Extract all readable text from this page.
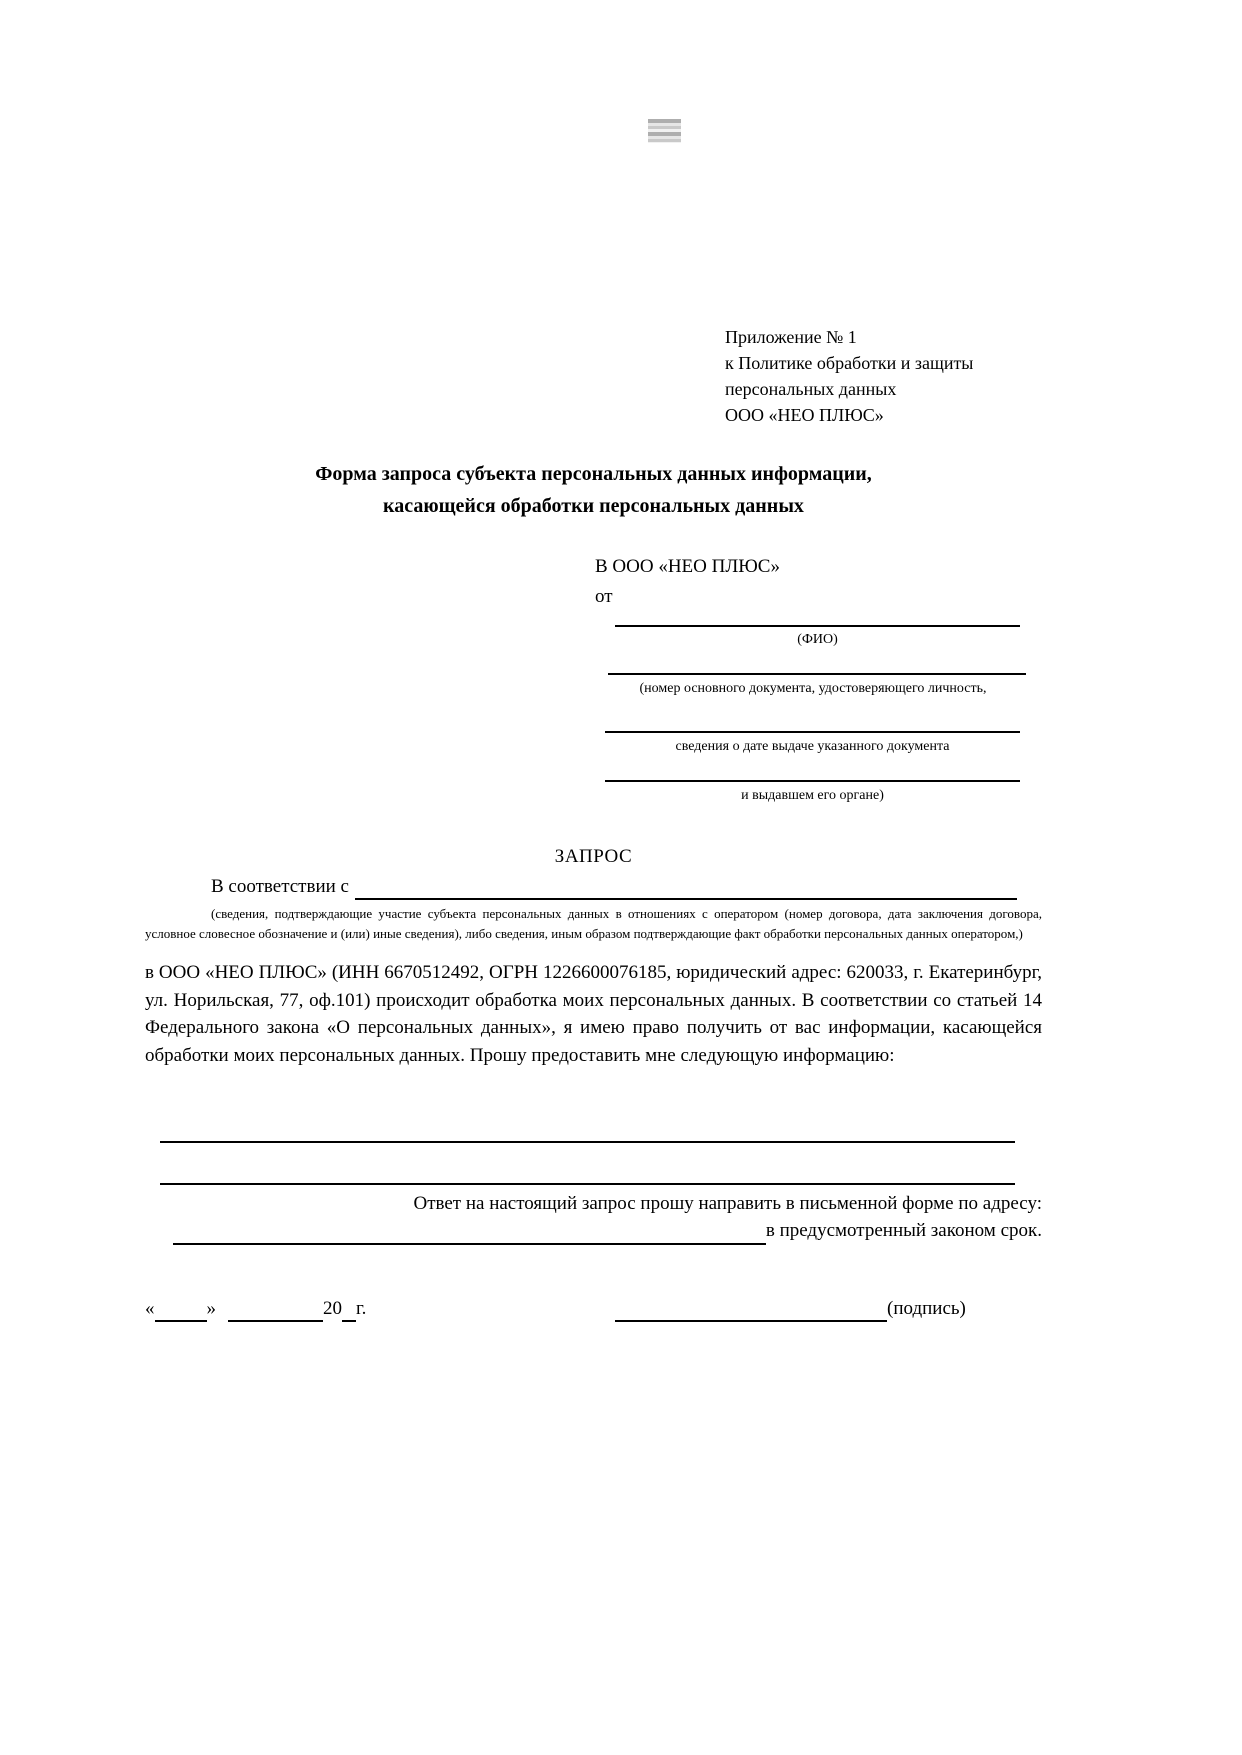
Приложение № 1
к Политике обработки и защиты
персональных данных
ООО «НЕО ПЛЮС»
Форма запроса субъекта персональных данных информации,
касающейся обработки персональных данных
В ООО «НЕО ПЛЮС»
от
(ФИО)
(номер основного документа, удостоверяющего личность,
сведения о дате выдаче указанного документа
и выдавшем его органе)
ЗАПРОС
В соответствии с
(сведения, подтверждающие участие субъекта персональных данных в отношениях с оператором (номер договора, дата заключения договора, условное словесное обозначение и (или) иные сведения), либо сведения, иным образом подтверждающие факт обработки персональных данных оператором,)
в ООО «НЕО ПЛЮС» (ИНН 6670512492, ОГРН 1226600076185, юридический адрес: 620033, г. Екатеринбург, ул. Норильская, 77, оф.101) происходит обработка моих персональных данных. В соответствии со статьей 14 Федерального закона «О персональных данных», я имею право получить от вас информации, касающейся обработки моих персональных данных. Прошу предоставить мне следующую информацию:
Ответ на настоящий запрос прошу направить в письменной форме по адресу:
в предусмотренный законом срок.
«	»	20 г.	(подпись)
